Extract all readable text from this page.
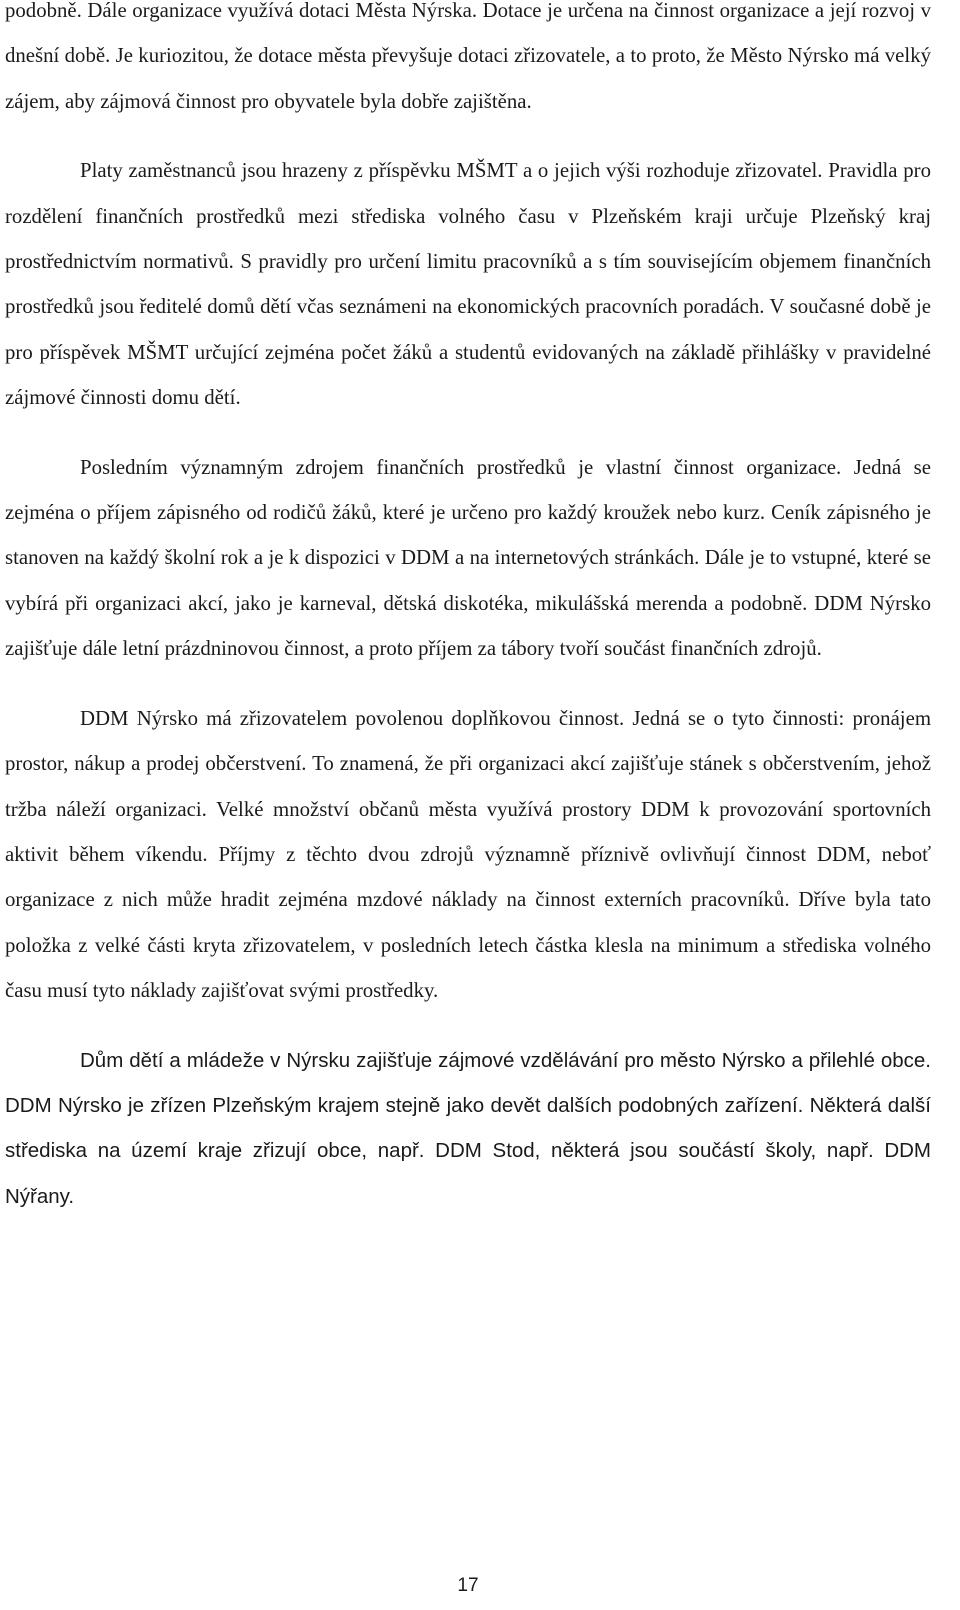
podobně. Dále organizace využívá dotaci Města Nýrska. Dotace je určena na činnost organizace a její rozvoj v dnešní době. Je kuriozitou, že dotace města převyšuje dotaci zřizovatele, a to proto, že Město Nýrsko má velký zájem, aby zájmová činnost pro obyvatele byla dobře zajištěna.

Platy zaměstnanců jsou hrazeny z příspěvku MŠMT a o jejich výši rozhoduje zřizovatel. Pravidla pro rozdělení finančních prostředků mezi střediska volného času v Plzeňském kraji určuje Plzeňský kraj prostřednictvím normativů. S pravidly pro určení limitu pracovníků a s tím souvisejícím objemem finančních prostředků jsou ředitelé domů dětí včas seznámeni na ekonomických pracovních poradách. V současné době je pro příspěvek MŠMT určující zejména počet žáků a studentů evidovaných na základě přihlášky v pravidelné zájmové činnosti domu dětí.

Posledním významným zdrojem finančních prostředků je vlastní činnost organizace. Jedná se zejména o příjem zápisného od rodičů žáků, které je určeno pro každý kroužek nebo kurz. Ceník zápisného je stanoven na každý školní rok a je k dispozici v DDM a na internetových stránkách. Dále je to vstupné, které se vybírá při organizaci akcí, jako je karneval, dětská diskotéka, mikulášská merenda a podobně. DDM Nýrsko zajišťuje dále letní prázdninovou činnost, a proto příjem za tábory tvoří součást finančních zdrojů.

DDM Nýrsko má zřizovatelem povolenou doplňkovou činnost. Jedná se o tyto činnosti: pronájem prostor, nákup a prodej občerstvení. To znamená, že při organizaci akcí zajišťuje stánek s občerstvením, jehož tržba náleží organizaci. Velké množství občanů města využívá prostory DDM k provozování sportovních aktivit během víkendu. Příjmy z těchto dvou zdrojů významně příznivě ovlivňují činnost DDM, neboť organizace z nich může hradit zejména mzdové náklady na činnost externích pracovníků. Dříve byla tato položka z velké části kryta zřizovatelem, v posledních letech částka klesla na minimum a střediska volného času musí tyto náklady zajišťovat svými prostředky.

Dům dětí a mládeže v Nýrsku zajišťuje zájmové vzdělávání pro město Nýrsko a přilehlé obce. DDM Nýrsko je zřízen Plzeňským krajem stejně jako devět dalších podobných zařízení. Některá další střediska na území kraje zřizují obce, např. DDM Stod, některá jsou součástí školy, např. DDM Nýřany.

17
